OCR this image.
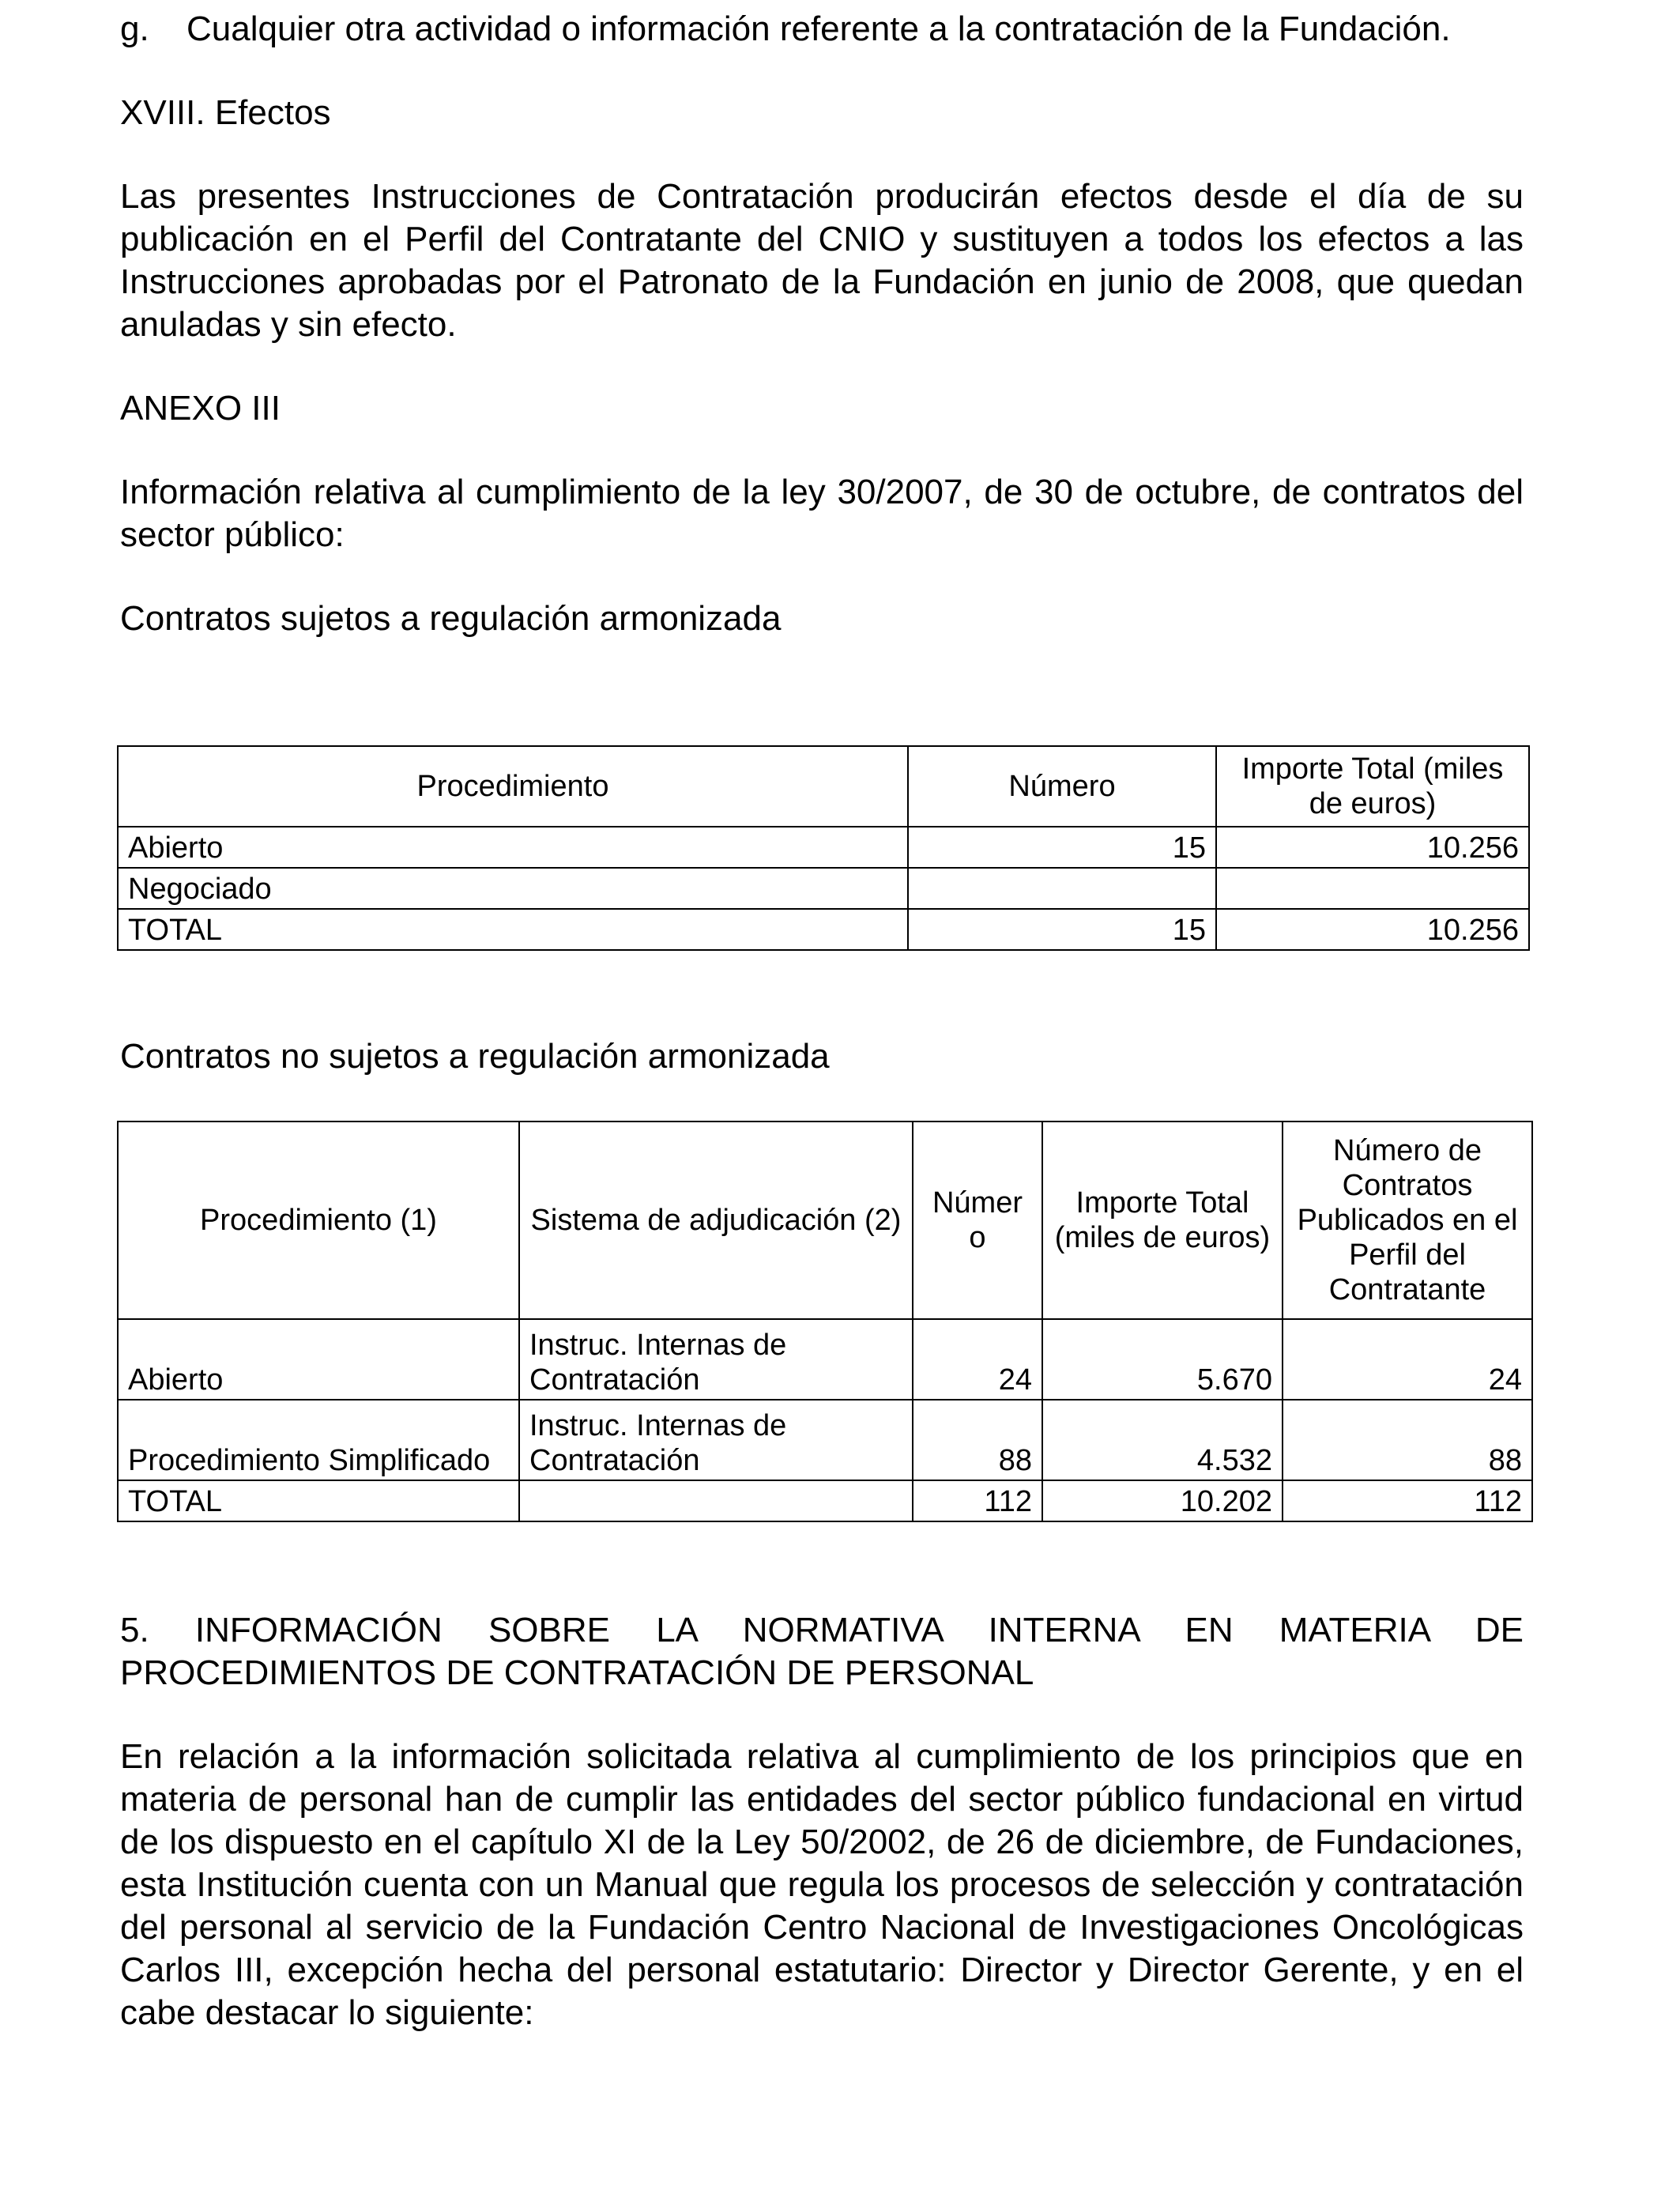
g.	Cualquier otra actividad o información referente a la contratación de la Fundación.

XVIII. Efectos

Las presentes Instrucciones de Contratación producirán efectos desde el día de su publicación en el Perfil del Contratante del CNIO y sustituyen a todos los efectos a las Instrucciones aprobadas por el Patronato de la Fundación en junio de 2008, que quedan anuladas y sin efecto.

ANEXO III

Información relativa al cumplimiento de la ley 30/2007, de 30 de octubre, de contratos del sector público:

Contratos sujetos a regulación armonizada

Procedimiento	Número	Importe Total (miles de euros)
Abierto	15	10.256
Negociado		
TOTAL	15	10.256

Contratos no sujetos a regulación armonizada

Procedimiento (1)	Sistema de adjudicación (2)	Númer o	Importe Total (miles de euros)	Número de Contratos Publicados en el Perfil del Contratante
Abierto	Instruc. Internas de Contratación	24	5.670	24
Procedimiento Simplificado	Instruc. Internas de Contratación	88	4.532	88
TOTAL		112	10.202	112

5. INFORMACIÓN SOBRE LA NORMATIVA INTERNA EN MATERIA DE PROCEDIMIENTOS DE CONTRATACIÓN DE PERSONAL

En relación a la información solicitada relativa al cumplimiento de los principios que en materia de personal han de cumplir las entidades del sector público fundacional en virtud de los dispuesto en el capítulo XI de la Ley 50/2002, de 26 de diciembre, de Fundaciones, esta Institución cuenta con un Manual que regula los procesos de selección y contratación del personal al servicio de la Fundación Centro Nacional de Investigaciones Oncológicas Carlos III, excepción hecha del personal estatutario: Director y Director Gerente, y en el cabe destacar lo siguiente:
